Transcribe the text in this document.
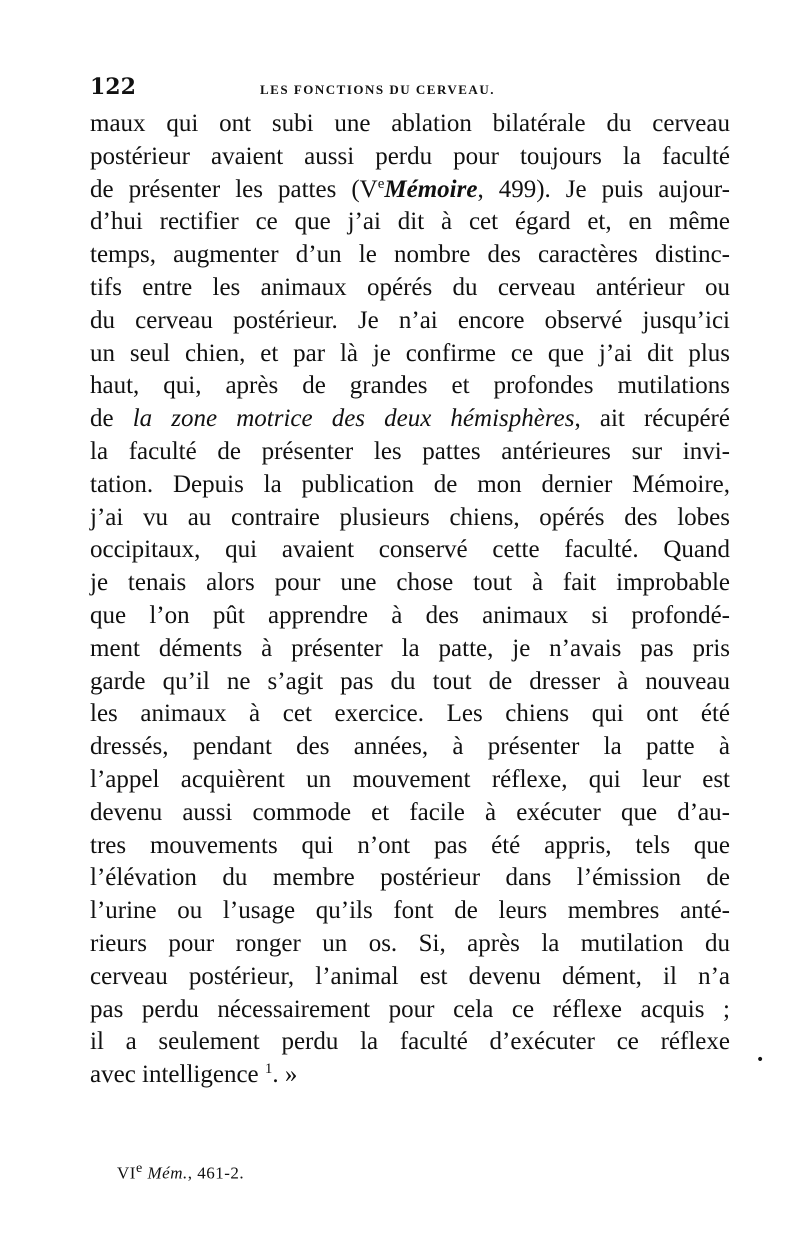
122	LES FONCTIONS DU CERVEAU.
maux qui ont subi une ablation bilatérale du cerveau
postérieur avaient aussi perdu pour toujours la faculté
de présenter les pattes (VeMémoire, 499). Je puis aujour-
d’hui rectifier ce que j’ai dit à cet égard et, en même
temps, augmenter d’un le nombre des caractères distinc-
tifs entre les animaux opérés du cerveau antérieur ou
du cerveau postérieur. Je n’ai encore observé jusqu’ici
un seul chien, et par là je confirme ce que j’ai dit plus
haut, qui, après de grandes et profondes mutilations
de la zone motrice des deux hémisphères, ait récupéré
la faculté de présenter les pattes antérieures sur invi-
tation. Depuis la publication de mon dernier Mémoire,
j’ai vu au contraire plusieurs chiens, opérés des lobes
occipitaux, qui avaient conservé cette faculté. Quand
je tenais alors pour une chose tout à fait improbable
que l’on pût apprendre à des animaux si profondé-
ment déments à présenter la patte, je n’avais pas pris
garde qu’il ne s’agit pas du tout de dresser à nouveau
les animaux à cet exercice. Les chiens qui ont été
dressés, pendant des années, à présenter la patte à
l’appel acquièrent un mouvement réflexe, qui leur est
devenu aussi commode et facile à exécuter que d’au-
tres mouvements qui n’ont pas été appris, tels que
l’élévation du membre postérieur dans l’émission de
l’urine ou l’usage qu’ils font de leurs membres anté-
rieurs pour ronger un os. Si, après la mutilation du
cerveau postérieur, l’animal est devenu dément, il n’a
pas perdu nécessairement pour cela ce réflexe acquis ;
il a seulement perdu la faculté d’exécuter ce réflexe
avec intelligence $^1$. »
•
VIe Mém., 461-2.
